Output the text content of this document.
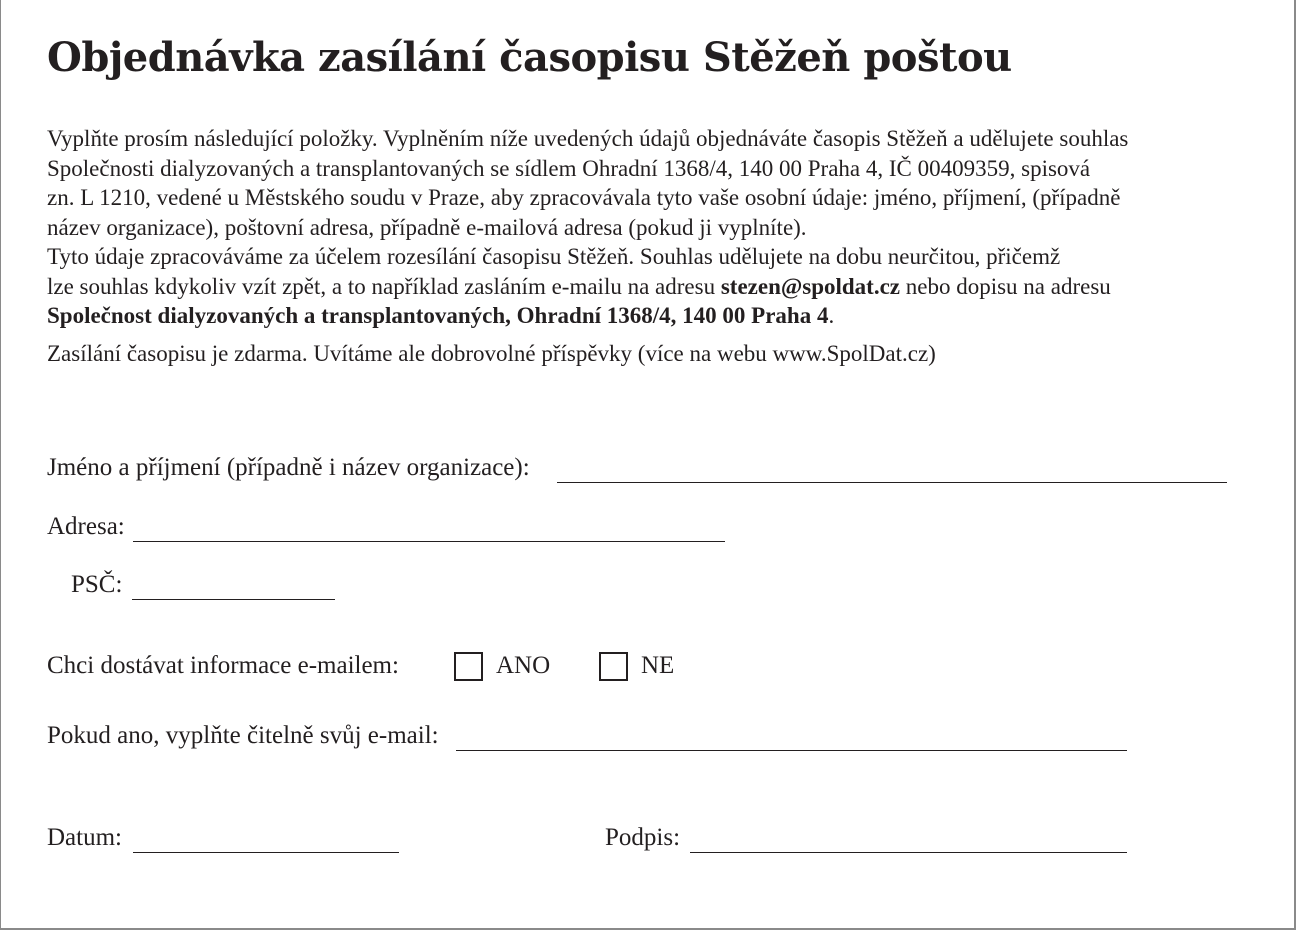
Objednávka zasílání časopisu Stěžeň poštou
Vyplňte prosím následující položky. Vyplněním níže uvedených údajů objednáváte časopis Stěžeň a udělujete souhlas
Společnosti dialyzovaných a transplantovaných se sídlem Ohradní 1368/4, 140 00 Praha 4, IČ 00409359, spisová
zn. L 1210, vedené u Městského soudu v Praze, aby zpracovávala tyto vaše osobní údaje: jméno, příjmení, (případně
název organizace), poštovní adresa, případně e-mailová adresa (pokud ji vyplníte).
Tyto údaje zpracováváme za účelem rozesílání časopisu Stěžeň. Souhlas udělujete na dobu neurčitou, přičemž
lze souhlas kdykoliv vzít zpět, a to například zasláním e-mailu na adresu stezen@spoldat.cz nebo dopisu na adresu
Společnost dialyzovaných a transplantovaných, Ohradní 1368/4, 140 00 Praha 4.
Zasílání časopisu je zdarma. Uvítáme ale dobrovolné příspěvky (více na webu www.SpolDat.cz)
Jméno a příjmení (případně i název organizace):
Adresa:
PSČ:
Chci dostávat informace e-mailem:	ANO	NE
Pokud ano, vyplňte čitelně svůj e-mail:
Datum:	Podpis:
